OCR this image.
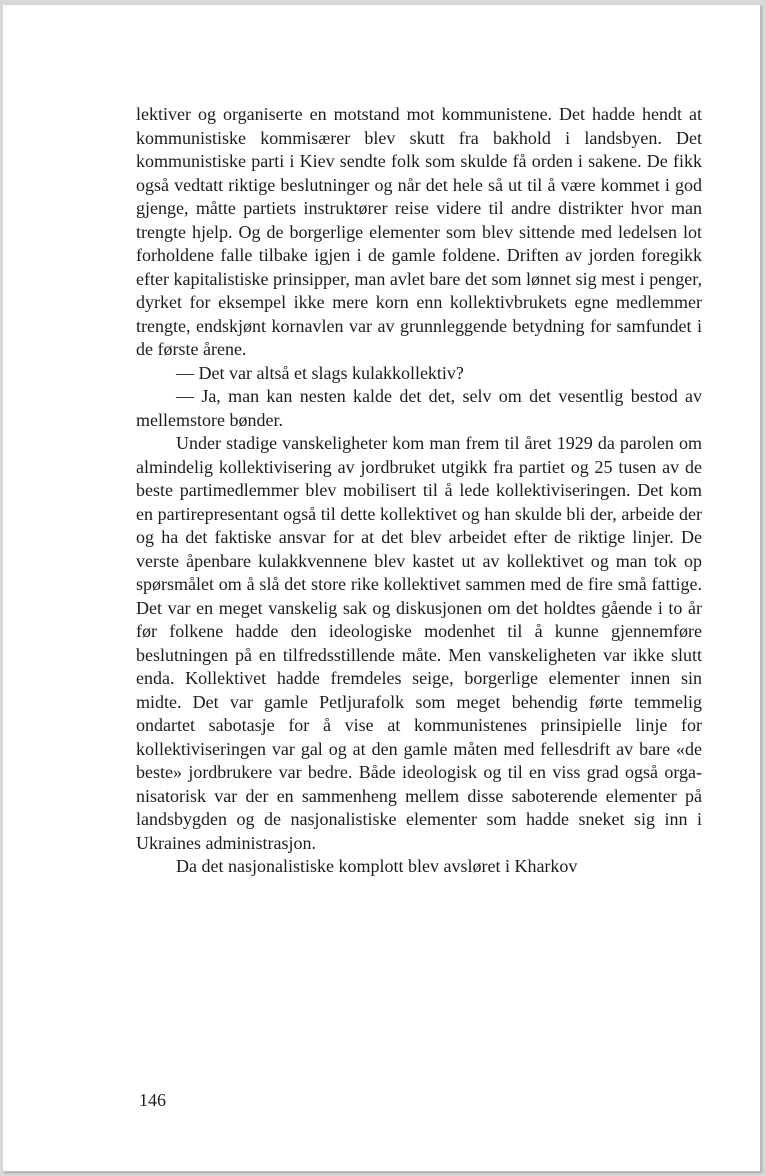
lektiver og organiserte en motstand mot kommunistene. Det hadde hendt at kommunistiske kommisærer blev skutt fra bakhold i landsbyen. Det kommunistiske parti i Kiev sendte folk som skulde få orden i sakene. De fikk også vedtatt riktige beslutninger og når det hele så ut til å være kommet i god gjenge, måtte partiets instruktører reise videre til andre distrikter hvor man trengte hjelp. Og de borgerlige elementer som blev sittende med ledelsen lot forholdene falle tilbake igjen i de gamle foldene. Driften av jorden foregikk efter kapitalistiske prinsipper, man avlet bare det som lønnet sig mest i penger, dyrket for eksempel ikke mere korn enn kollektivbrukets egne medlemmer trengte, endskjønt kornavlen var av grunnleggende betydning for samfundet i de første årene.

— Det var altså et slags kulakkollektiv?

— Ja, man kan nesten kalde det det, selv om det vesentlig bestod av mellemstore bønder.

Under stadige vanskeligheter kom man frem til året 1929 da parolen om almindelig kollektivisering av jordbruket utgikk fra partiet og 25 tusen av de beste partimedlemmer blev mobilisert til å lede kollektiviseringen. Det kom en partirepresentant også til dette kollektivet og han skulde bli der, arbeide der og ha det faktiske ansvar for at det blev arbeidet efter de riktige linjer. De verste åpenbare kulakkvennene blev kastet ut av kollektivet og man tok op spørsmålet om å slå det store rike kollektivet sammen med de fire små fattige. Det var en meget vanskelig sak og diskusjonen om det holdtes gående i to år før folkene hadde den ideologiske modenhet til å kunne gjennemføre beslutningen på en tilfredsstillende måte. Men vanskeligheten var ikke slutt enda. Kollektivet hadde fremdeles seige, borgerlige elementer innen sin midte. Det var gamle Petljurafolk som meget behendig førte temmelig ondartet sabotasje for å vise at kommunistenes prinsipielle linje for kollektiviseringen var gal og at den gamle måten med fellesdrift av bare «de beste» jordbrukere var bedre. Både ideologisk og til en viss grad også organisatorisk var der en sammenheng mellem disse saboterende elementer på landsbygden og de nasjonalistiske elementer som hadde sneket sig inn i Ukraines administrasjon.

Da det nasjonalistiske komplott blev avsløret i Kharkov

146
